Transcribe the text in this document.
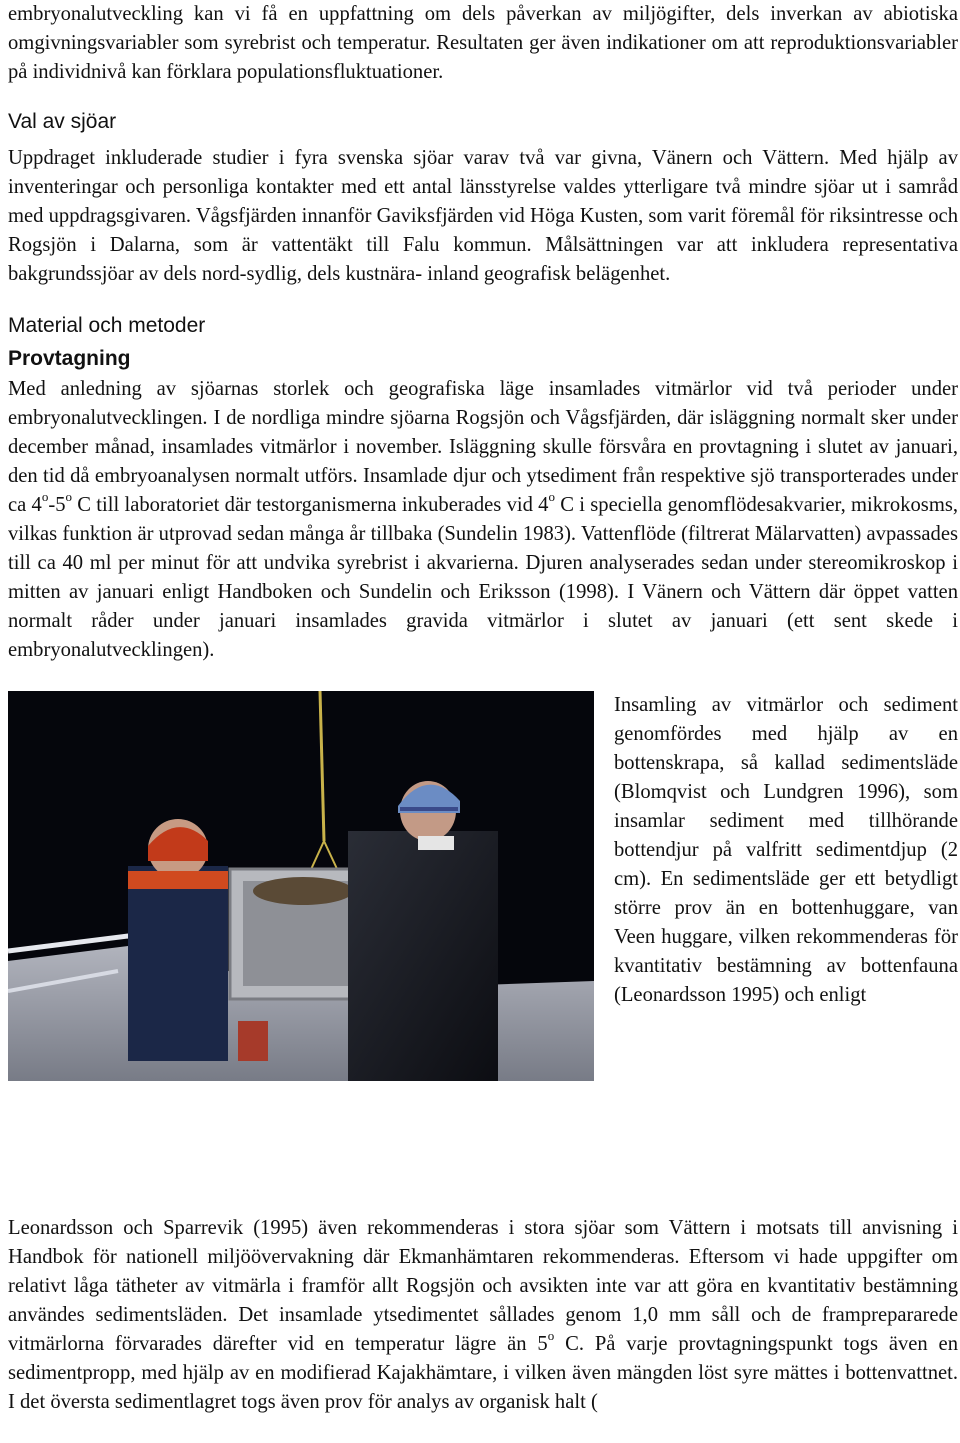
embryonalutveckling kan vi få en uppfattning om dels påverkan av miljögifter, dels inverkan av abiotiska omgivningsvariabler som syrebrist och temperatur. Resultaten ger även indikationer om att reproduktionsvariabler på individnivå kan förklara populationsfluktuationer.

Val av sjöar

Uppdraget inkluderade studier i fyra svenska sjöar varav två var givna, Vänern och Vättern. Med hjälp av inventeringar och personliga kontakter med ett antal länsstyrelse valdes ytterligare två mindre sjöar ut i samråd med uppdragsgivaren. Vågsfjärden innanför Gaviksfjärden vid Höga Kusten, som varit föremål för riksintresse och Rogsjön i Dalarna, som är vattentäkt till Falu kommun. Målsättningen var att inkludera representativa bakgrundssjöar av dels nord-sydlig, dels kustnära- inland geografisk belägenhet.

Material och metoder
Provtagning

Med anledning av sjöarnas storlek och geografiska läge insamlades vitmärlor vid två perioder under embryonalutvecklingen. I de nordliga mindre sjöarna Rogsjön och Vågsfjärden, där isläggning normalt sker under december månad, insamlades vitmärlor i november. Isläggning skulle försvåra en provtagning i slutet av januari, den tid då embryoanalysen normalt utförs. Insamlade djur och ytsediment från respektive sjö transporterades under ca 4$^o$-5$^o$ C till laboratoriet där testorganismerna inkuberades vid 4$^o$ C i speciella genomflödesakvarier, mikrokosms, vilkas funktion är utprovad sedan många år tillbaka (Sundelin 1983). Vattenflöde (filtrerat Mälarvatten) avpassades till ca 40 ml per minut för att undvika syrebrist i akvarierna. Djuren analyserades sedan under stereomikroskop i mitten av januari enligt Handboken och Sundelin och Eriksson (1998). I Vänern och Vättern där öppet vatten normalt råder under januari insamlades gravida vitmärlor i slutet av januari (ett sent skede i embryonalutvecklingen).

Insamling av vitmärlor och sediment genomfördes med hjälp av en bottenskrapa, så kallad sedimentsläde (Blomqvist och Lundgren 1996), som insamlar sediment med tillhörande bottendjur på valfritt sedimentdjup (2 cm). En sedimentsläde ger ett betydligt större prov än en bottenhuggare, van Veen huggare, vilken rekommenderas för kvantitativ bestämning av bottenfauna (Leonardsson 1995) och enligt

Leonardsson och Sparrevik (1995) även rekommenderas i stora sjöar som Vättern i motsats till anvisning i Handbok för nationell miljöövervakning där Ekmanhämtaren rekommenderas. Eftersom vi hade uppgifter om relativt låga tätheter av vitmärla i framför allt Rogsjön och avsikten inte var att göra en kvantitativ bestämning användes sedimentsläden. Det insamlade ytsedimentet sållades genom 1,0 mm såll och de framprepararede vitmärlorna förvarades därefter vid en temperatur lägre än 5$^o$ C. På varje provtagningspunkt togs även en sedimentpropp, med hjälp av en modifierad Kajakhämtare, i vilken även mängden löst syre mättes i bottenvattnet. I det översta sedimentlagret togs även prov för analys av organisk halt (
